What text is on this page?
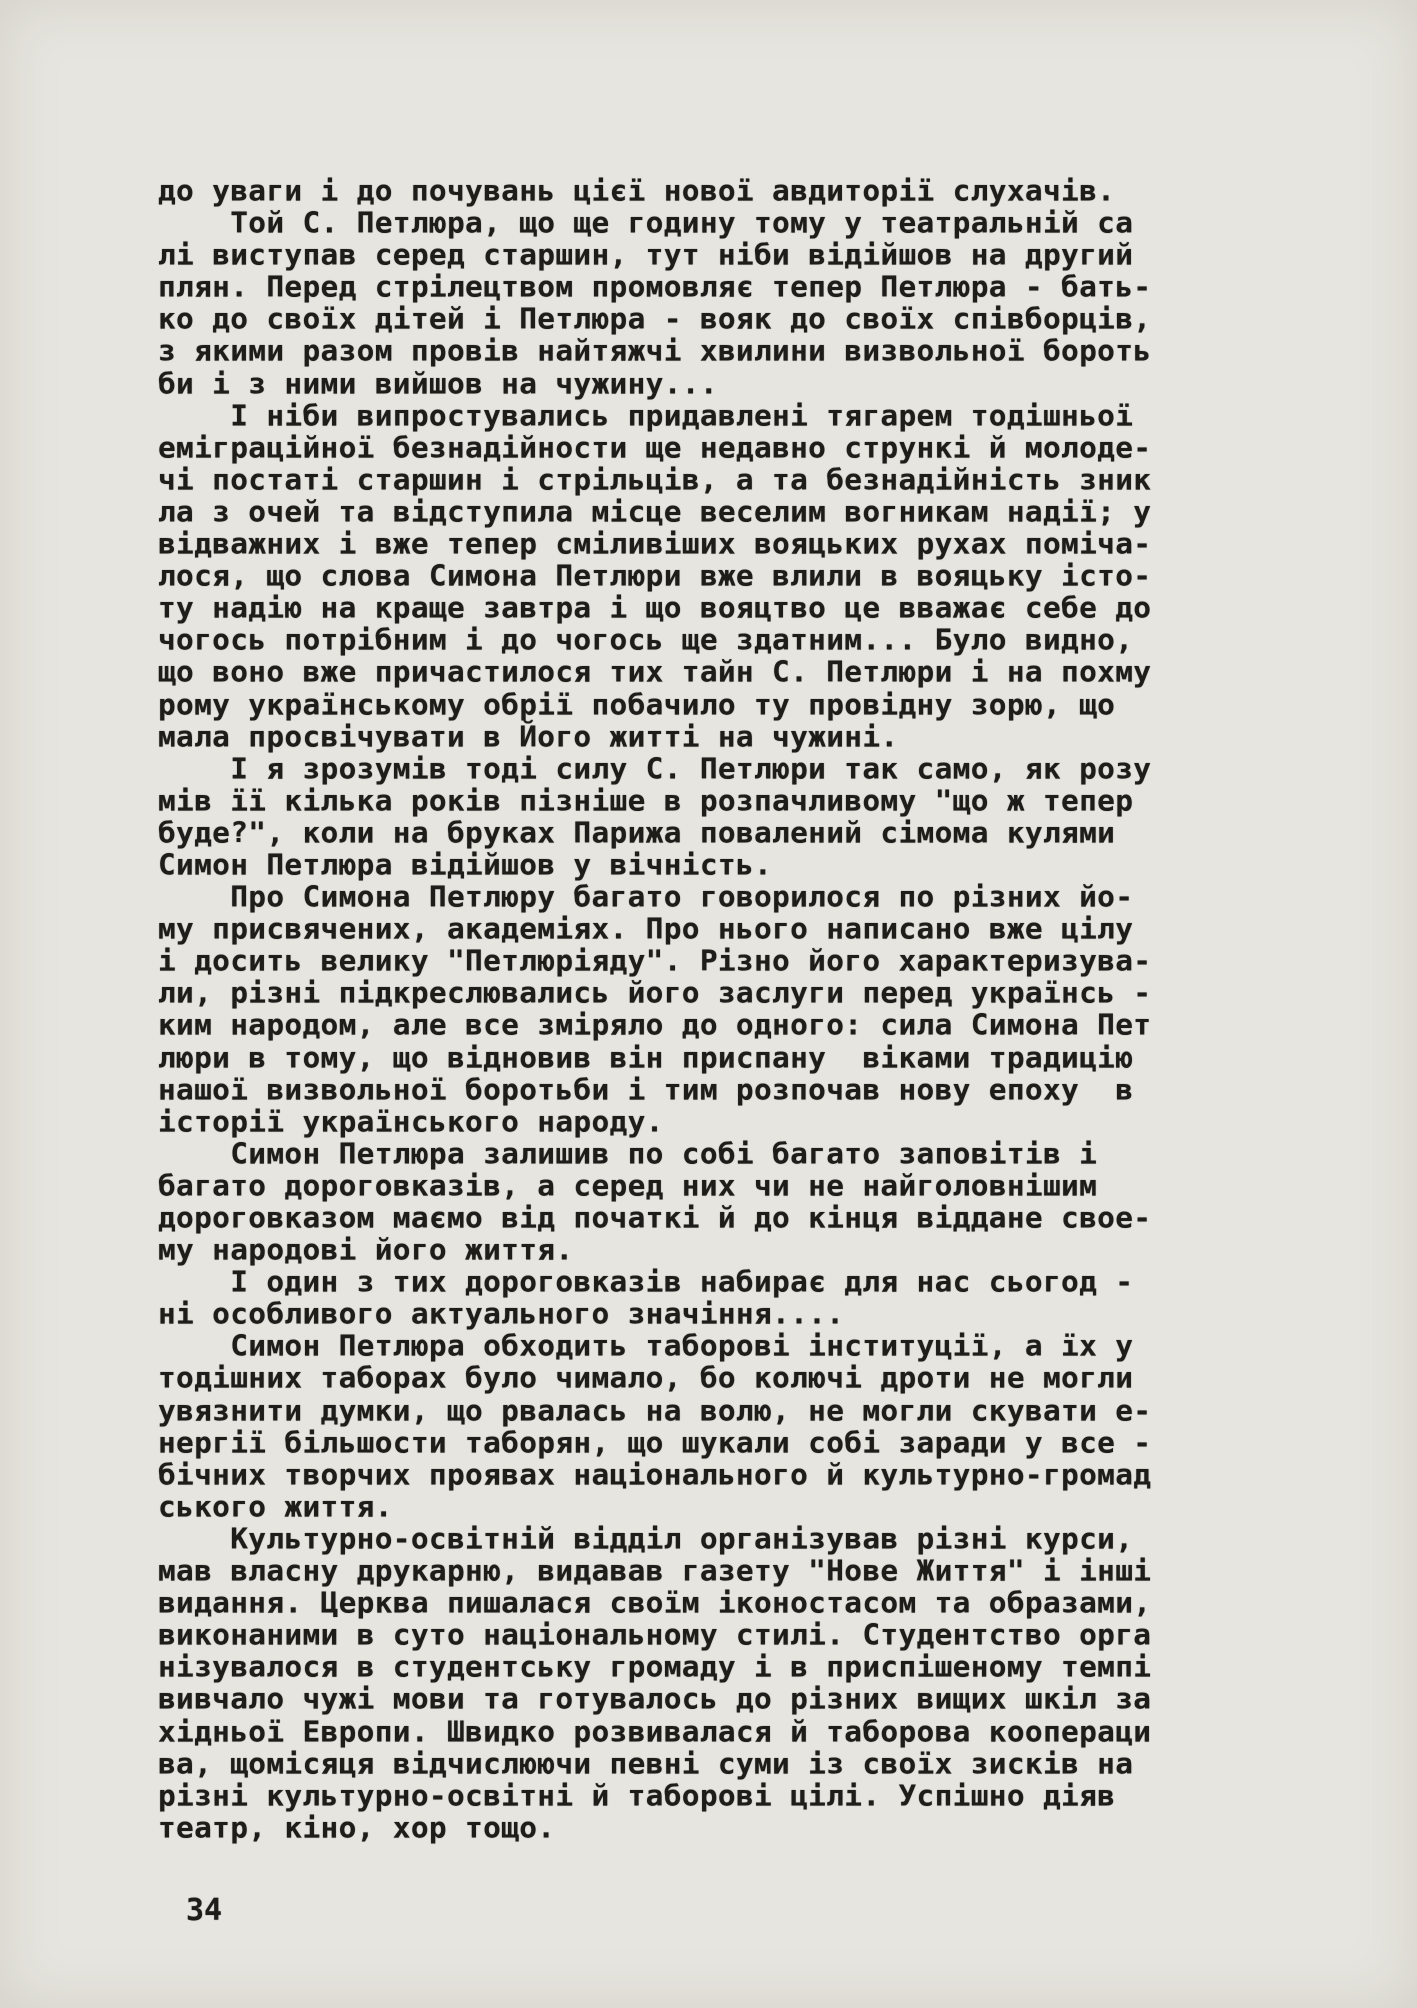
до уваги і до почувань цієї нової авдиторії слухачів.
Той С. Петлюра, що ще годину тому у театральній са
лі виступав серед старшин, тут ніби відійшов на другий
плян. Перед стрілецтвом промовляє тепер Петлюра - бать-
ко до своїх дітей і Петлюра - вояк до своїх співборців,
з якими разом провів найтяжчі хвилини визвольної бороть
би і з ними вийшов на чужину...
І ніби випростувались придавлені тягарем тодішньої
еміграційної безнадійности ще недавно стрункі й молоде-
чі постаті старшин і стрільців, а та безнадійність зник
ла з очей та відступила місце веселим вогникам надії; у
відважних і вже тепер сміливіших вояцьких рухах поміча-
лося, що слова Симона Петлюри вже влили в вояцьку істо-
ту надію на краще завтра і що вояцтво це вважає себе до
чогось потрібним і до чогось ще здатним... Було видно,
що воно вже причастилося тих тайн С. Петлюри і на похму
рому українському обрії побачило ту провідну зорю, що
мала просвічувати в Його житті на чужині.
І я зрозумів тоді силу С. Петлюри так само, як розу
мів її кілька років пізніше в розпачливому "що ж тепер
буде?", коли на бруках Парижа повалений сімома кулями
Симон Петлюра відійшов у вічність.
Про Симона Петлюру багато говорилося по різних йо-
му присвячених, академіях. Про нього написано вже цілу
і досить велику "Петлюріяду". Різно його характеризува-
ли, різні підкреслювались його заслуги перед українсь -
ким народом, але все зміряло до одного: сила Симона Пет
люри в тому, що відновив він приспану  віками традицію
нашої визвольної боротьби і тим розпочав нову епоху  в
історії українського народу.
Симон Петлюра залишив по собі багато заповітів і
багато дороговказів, а серед них чи не найголовнішим
дороговказом маємо від початкі й до кінця віддане свое-
му народові його життя.
І один з тих дороговказів набирає для нас сьогод -
ні особливого актуального значіння....
Симон Петлюра обходить таборові інституції, а їх у
тодішних таборах було чимало, бо колючі дроти не могли
увязнити думки, що рвалась на волю, не могли скувати е-
нергії більшости таборян, що шукали собі заради у все -
бічних творчих проявах національного й культурно-громад
ського життя.
Культурно-освітній відділ організував різні курси,
мав власну друкарню, видавав газету "Нове Життя" і інші
видання. Церква пишалася своїм іконостасом та образами,
виконаними в суто національному стилі. Студентство орга
нізувалося в студентську громаду і в приспішеному темпі
вивчало чужі мови та готувалось до різних вищих шкіл за
хідньої Европи. Швидко розвивалася й таборова коопераци
ва, щомісяця відчислюючи певні суми із своїх зисків на
різні культурно-освітні й таборові цілі. Успішно діяв
театр, кіно, хор тощо.
34
